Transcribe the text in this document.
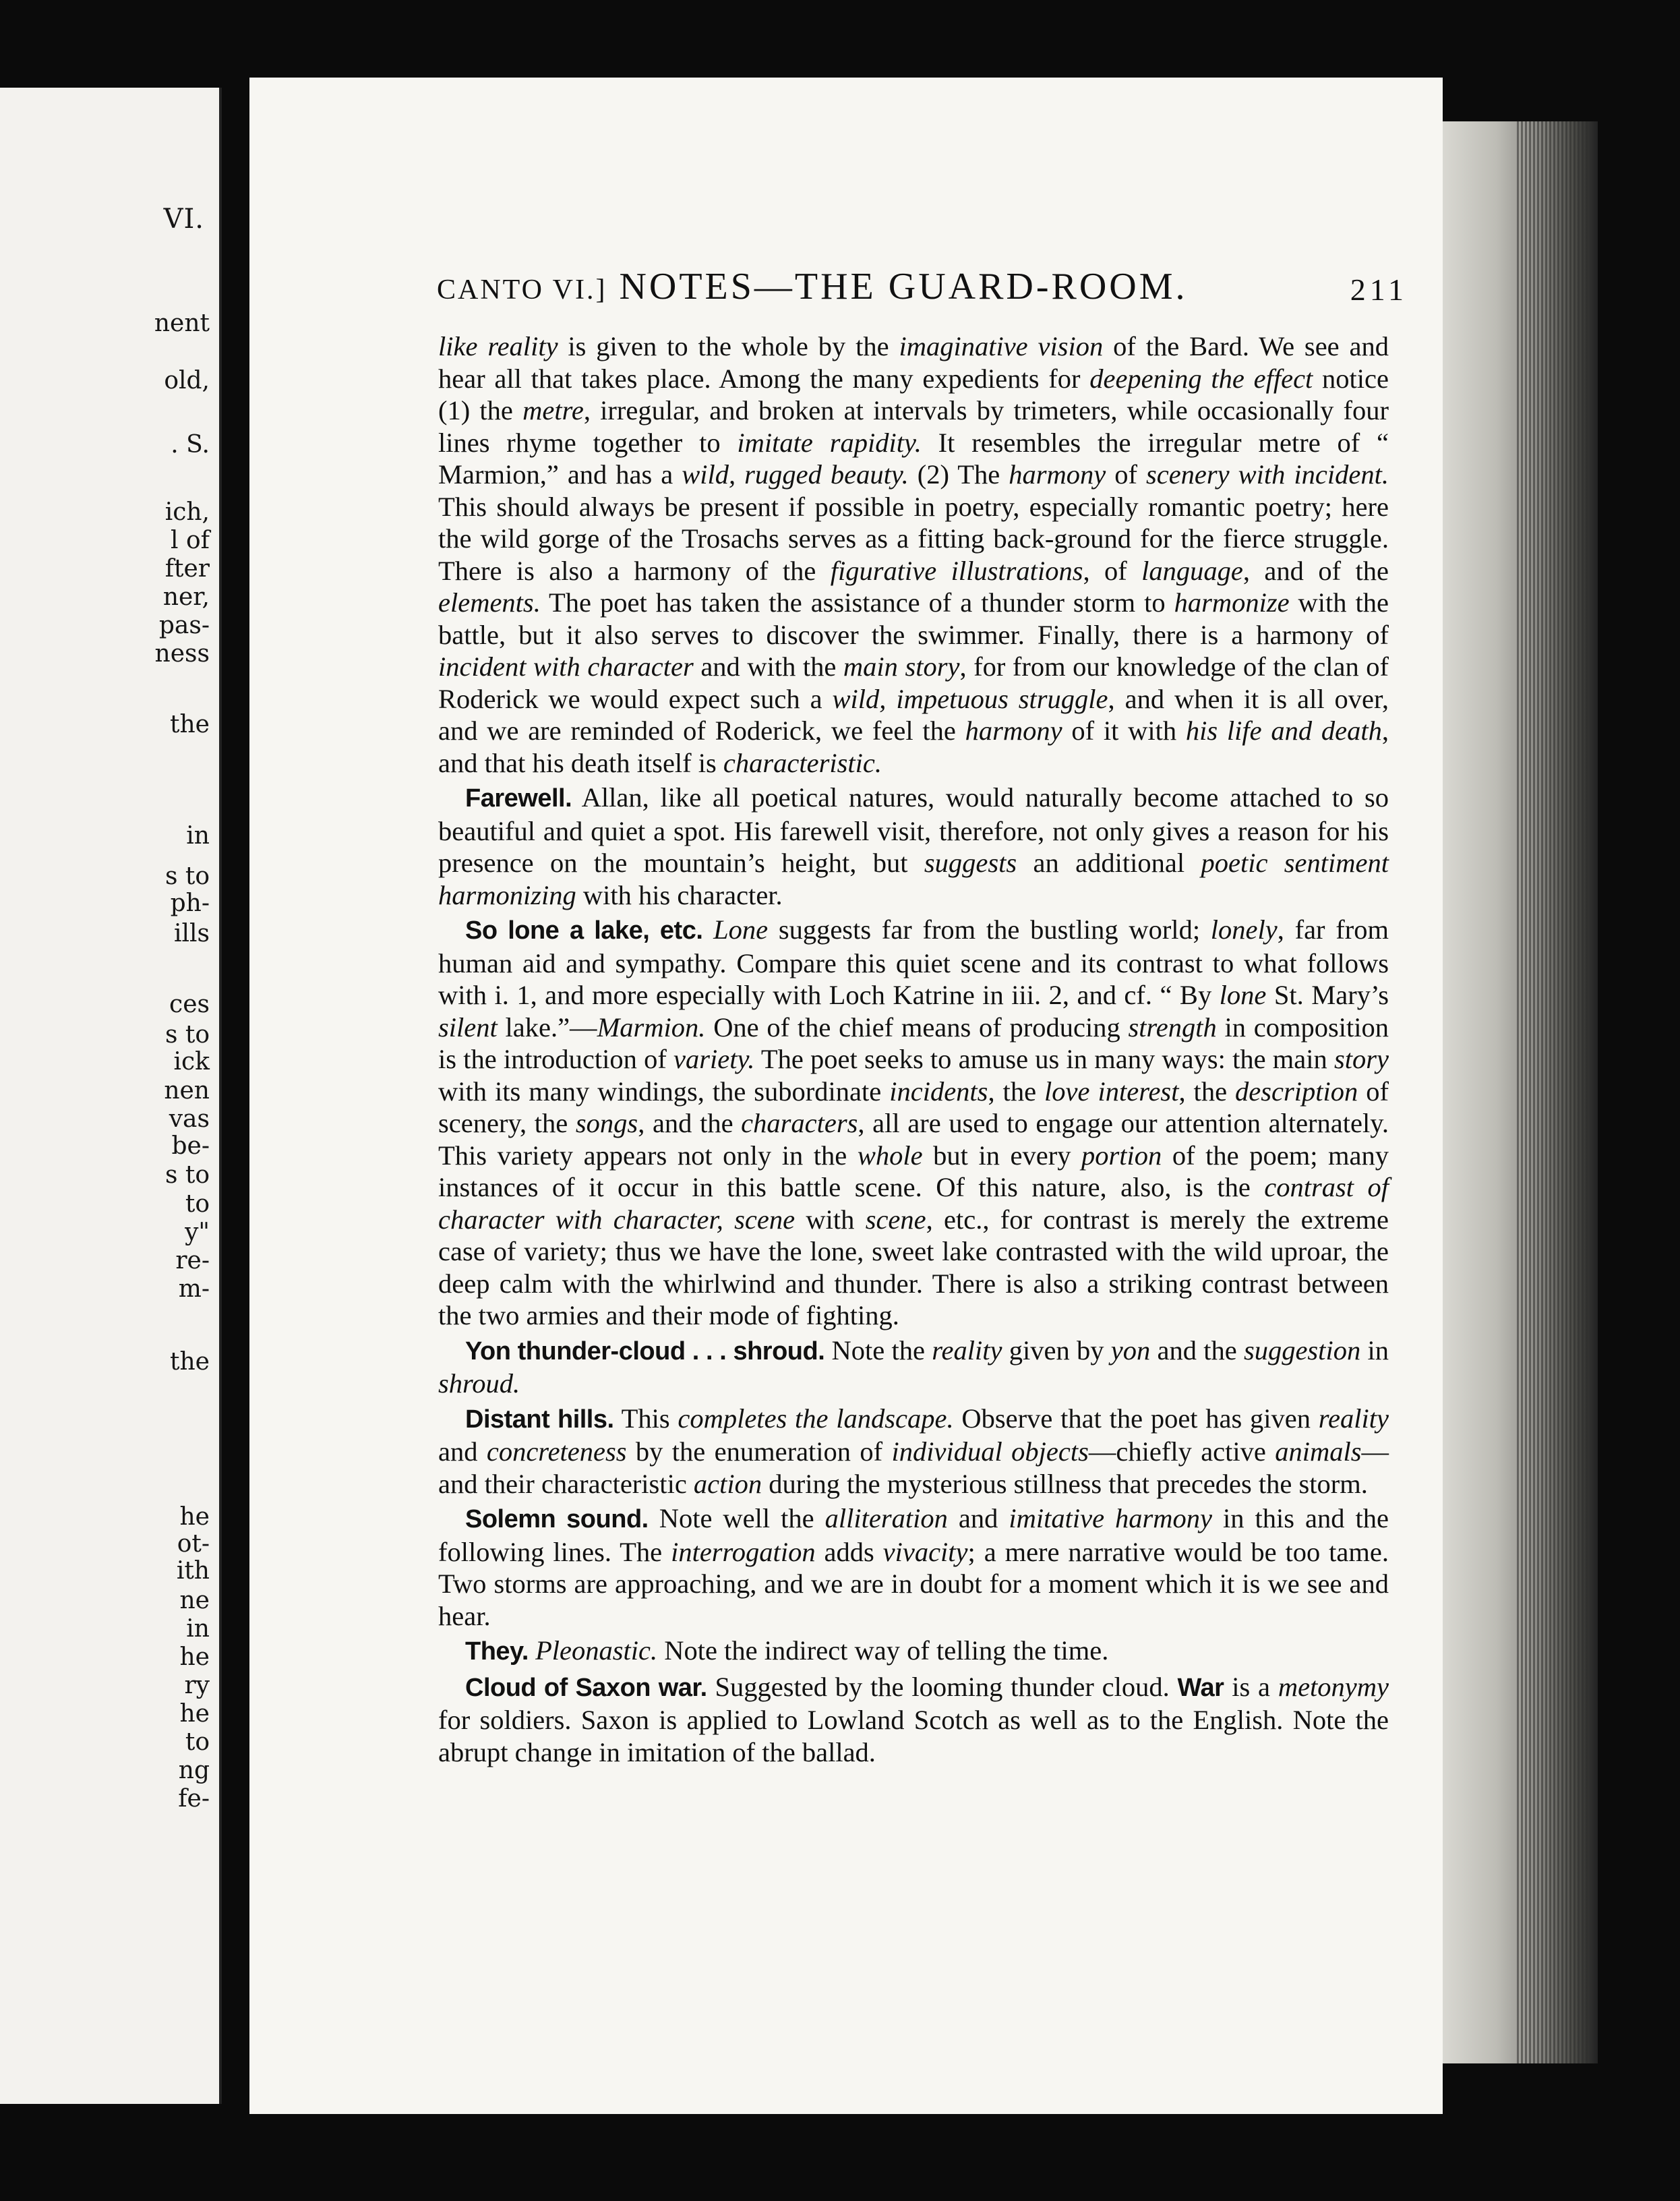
VI.
nent
old,
. S.
ich,
l of
fter
ner,
pas-
ness
the
in
s to
ph-
ills
ces
s to
ick
nen
vas
be-
s to
to
y"
re-
m-
the
he
ot-
ith
ne
in
he
ry
he
to
ng
fe-
CANTO VI.] NOTES—THE GUARD-ROOM.	211

like reality is given to the whole by the imaginative vision of the Bard. We see and hear all that takes place. Among the many expedients for deepening the effect notice (1) the metre, irregular, and broken at intervals by trimeters, while occasionally four lines rhyme together to imitate rapidity. It resembles the irregular metre of “ Marmion,” and has a wild, rugged beauty. (2) The harmony of scenery with incident. This should always be present if possible in poetry, especially romantic poetry; here the wild gorge of the Trosachs serves as a fitting back-ground for the fierce struggle. There is also a harmony of the figurative illustrations, of language, and of the elements. The poet has taken the assistance of a thunder storm to harmonize with the battle, but it also serves to discover the swimmer. Finally, there is a harmony of incident with character and with the main story, for from our knowledge of the clan of Roderick we would expect such a wild, impetuous struggle, and when it is all over, and we are reminded of Roderick, we feel the harmony of it with his life and death, and that his death itself is characteristic.

Farewell. Allan, like all poetical natures, would naturally become attached to so beautiful and quiet a spot. His farewell visit, therefore, not only gives a reason for his presence on the mountain’s height, but suggests an additional poetic sentiment harmonizing with his character.

So lone a lake, etc. Lone suggests far from the bustling world; lonely, far from human aid and sympathy. Compare this quiet scene and its contrast to what follows with i. 1, and more especially with Loch Katrine in iii. 2, and cf. “ By lone St. Mary’s silent lake.”—Marmion. One of the chief means of producing strength in composition is the introduction of variety. The poet seeks to amuse us in many ways: the main story with its many windings, the subordinate incidents, the love interest, the description of scenery, the songs, and the characters, all are used to engage our attention alternately. This variety appears not only in the whole but in every portion of the poem; many instances of it occur in this battle scene. Of this nature, also, is the contrast of character with character, scene with scene, etc., for contrast is merely the extreme case of variety; thus we have the lone, sweet lake contrasted with the wild uproar, the deep calm with the whirlwind and thunder. There is also a striking contrast between the two armies and their mode of fighting.

Yon thunder-cloud . . . shroud. Note the reality given by yon and the suggestion in shroud.

Distant hills. This completes the landscape. Observe that the poet has given reality and concreteness by the enumeration of individual objects—chiefly active animals—and their characteristic action during the mysterious stillness that precedes the storm.

Solemn sound. Note well the alliteration and imitative harmony in this and the following lines. The interrogation adds vivacity; a mere narrative would be too tame. Two storms are approaching, and we are in doubt for a moment which it is we see and hear.

They. Pleonastic. Note the indirect way of telling the time.

Cloud of Saxon war. Suggested by the looming thunder cloud. War is a metonymy for soldiers. Saxon is applied to Lowland Scotch as well as to the English. Note the abrupt change in imitation of the ballad.
